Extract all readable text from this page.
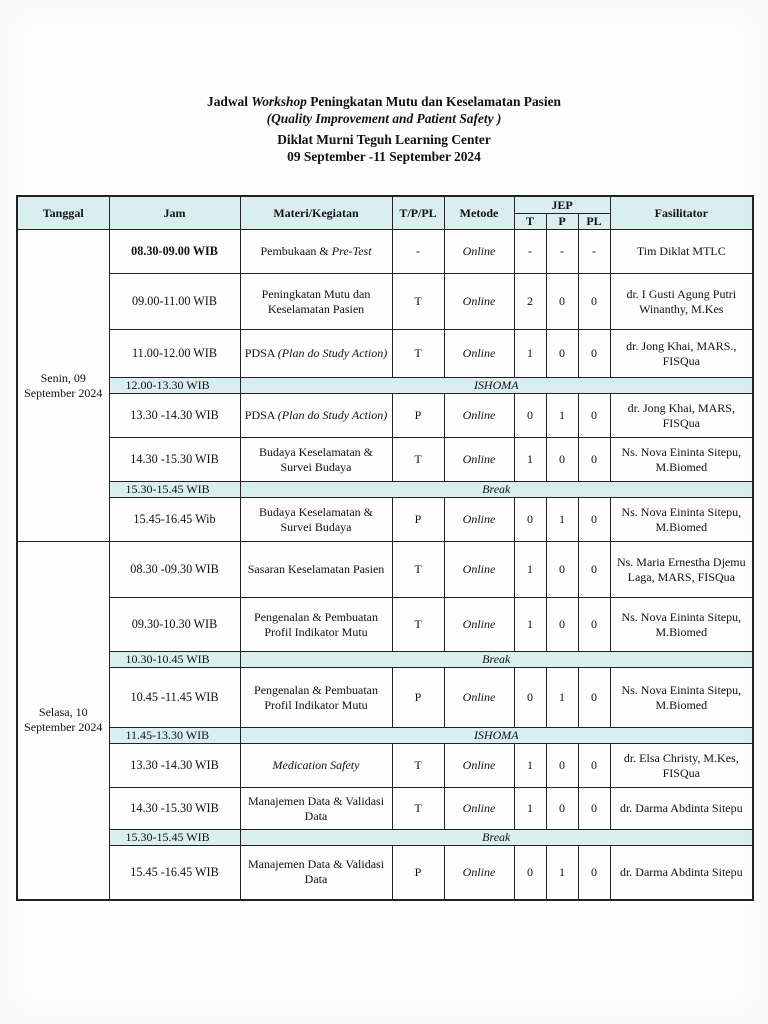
Jadwal Workshop Peningkatan Mutu dan Keselamatan Pasien
(Quality Improvement and Patient Safety )
Diklat Murni Teguh Learning Center
09 September -11 September 2024
Tanggal	Jam	Materi/Kegiatan	T/P/PL	Metode	JEP			Fasilitator
					T	P	PL	
Senin, 09 September 2024	08.30-09.00 WIB	Pembukaan & Pre-Test	-	Online	-	-	-	Tim Diklat MTLC
	09.00-11.00 WIB	Peningkatan Mutu dan Keselamatan Pasien	T	Online	2	0	0	dr. I Gusti Agung Putri Winanthy, M.Kes
	11.00-12.00 WIB	PDSA (Plan do Study Action)	T	Online	1	0	0	dr. Jong Khai, MARS., FISQua
	12.00-13.30 WIB	ISHOMA						
	13.30 -14.30 WIB	PDSA (Plan do Study Action)	P	Online	0	1	0	dr. Jong Khai, MARS, FISQua
	14.30 -15.30 WIB	Budaya Keselamatan & Survei Budaya	T	Online	1	0	0	Ns. Nova Eininta Sitepu, M.Biomed
	15.30-15.45 WIB	Break						
	15.45-16.45 Wib	Budaya Keselamatan & Survei Budaya	P	Online	0	1	0	Ns. Nova Eininta Sitepu, M.Biomed
Selasa, 10 September 2024	08.30 -09.30 WIB	Sasaran Keselamatan Pasien	T	Online	1	0	0	Ns. Maria Ernestha Djemu Laga, MARS, FISQua
	09.30-10.30 WIB	Pengenalan & Pembuatan Profil Indikator Mutu	T	Online	1	0	0	Ns. Nova Eininta Sitepu, M.Biomed
	10.30-10.45 WIB	Break						
	10.45 -11.45 WIB	Pengenalan & Pembuatan Profil Indikator Mutu	P	Online	0	1	0	Ns. Nova Eininta Sitepu, M.Biomed
	11.45-13.30 WIB	ISHOMA						
	13.30 -14.30 WIB	Medication Safety	T	Online	1	0	0	dr. Elsa Christy, M.Kes, FISQua
	14.30 -15.30 WIB	Manajemen Data & Validasi Data	T	Online	1	0	0	dr. Darma Abdinta Sitepu
	15.30-15.45 WIB	Break						
	15.45 -16.45 WIB	Manajemen Data & Validasi Data	P	Online	0	1	0	dr. Darma Abdinta Sitepu
